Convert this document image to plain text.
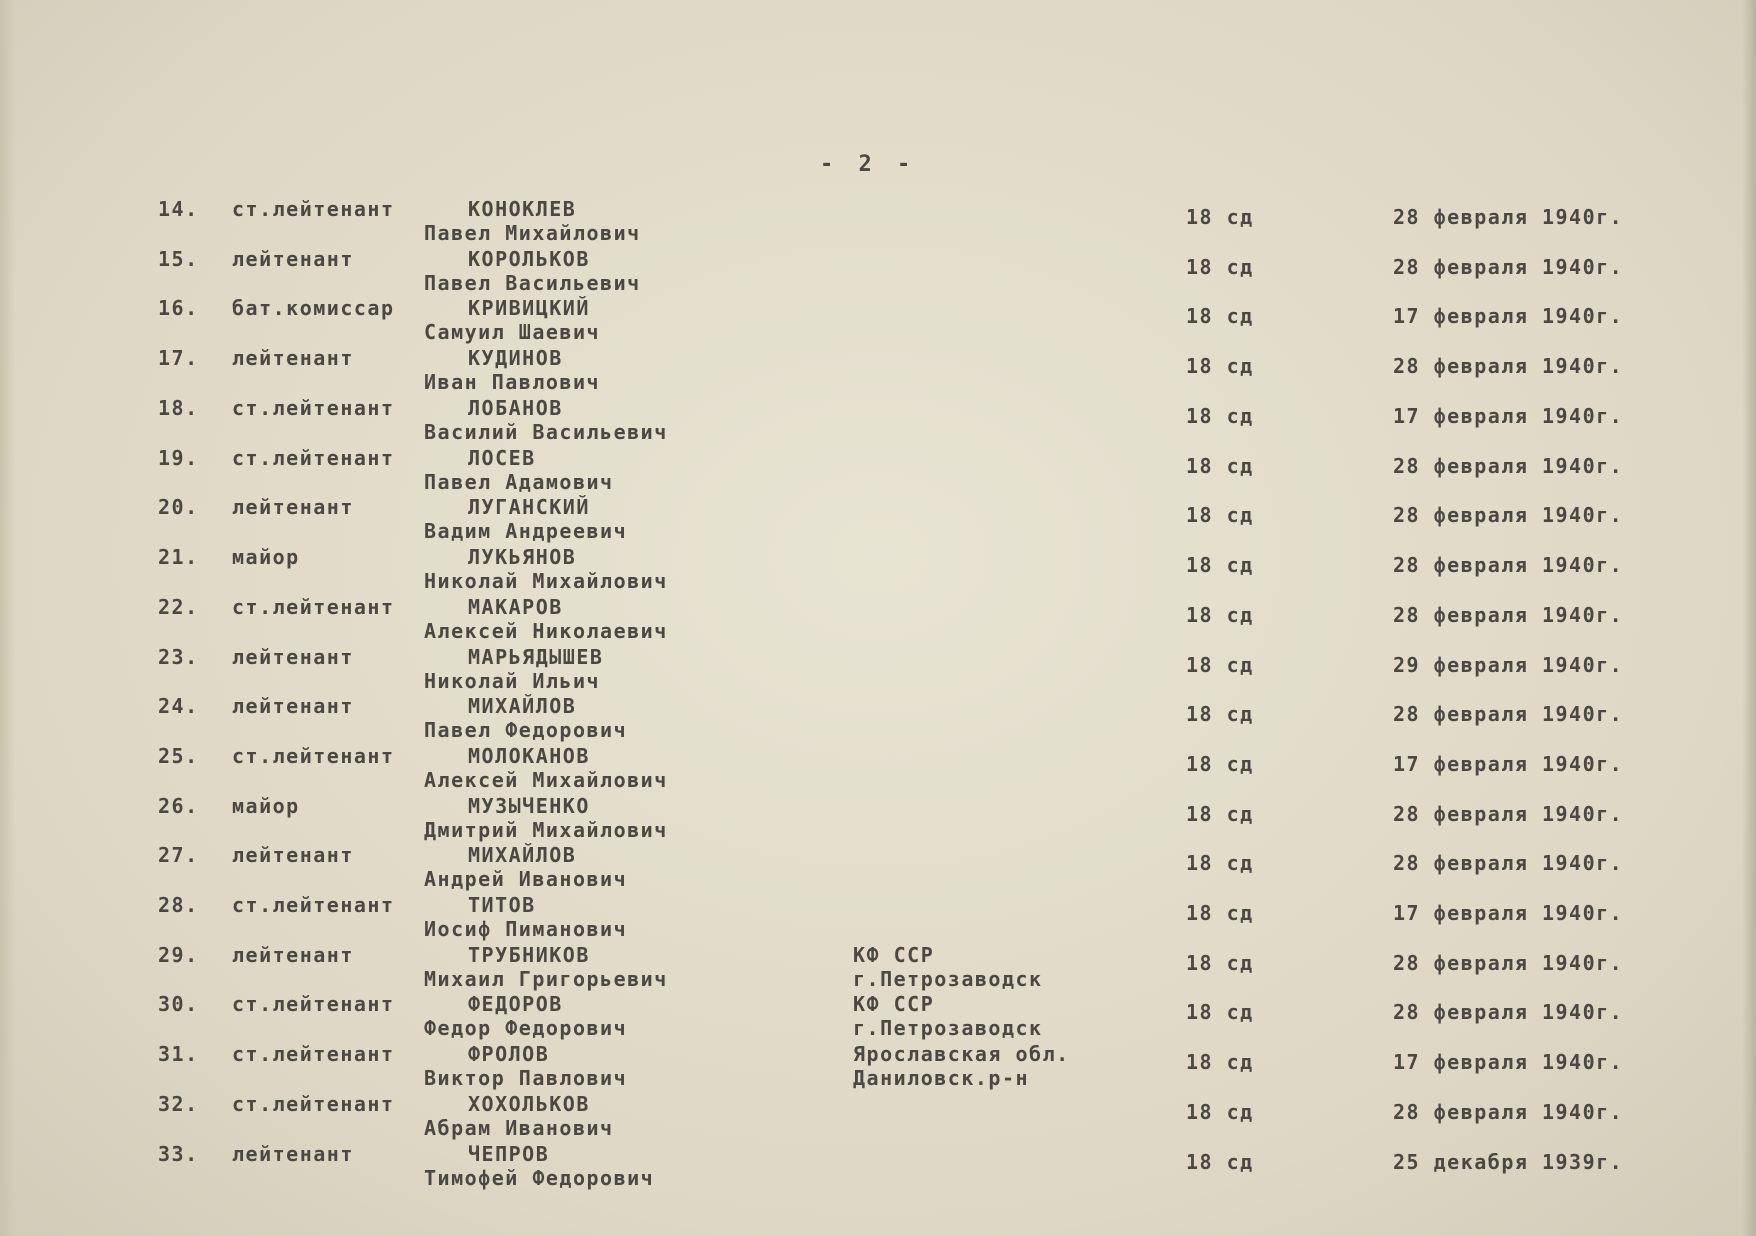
- 2 -
14. ст.лейтенант	КОНОКЛЕВ
Павел Михайлович
18 сд	28 февраля 1940г.
15. лейтенант	КОРОЛЬКОВ
Павел Васильевич
18 сд	28 февраля 1940г.
16. бат.комиссар	КРИВИЦКИЙ
Самуил Шаевич
18 сд	17 февраля 1940г.
17. лейтенант	КУДИНОВ
Иван Павлович
18 сд	28 февраля 1940г.
18. ст.лейтенант	ЛОБАНОВ
Василий Васильевич
18 сд	17 февраля 1940г.
19. ст.лейтенант	ЛОСЕВ
Павел Адамович
18 сд	28 февраля 1940г.
20. лейтенант	ЛУГАНСКИЙ
Вадим Андреевич
18 сд	28 февраля 1940г.
21. майор	ЛУКЬЯНОВ
Николай Михайлович
18 сд	28 февраля 1940г.
22. ст.лейтенант	МАКАРОВ
Алексей Николаевич
18 сд	28 февраля 1940г.
23. лейтенант	МАРЬЯДЫШЕВ
Николай Ильич
18 сд	29 февраля 1940г.
24. лейтенант	МИХАЙЛОВ
Павел Федорович
18 сд	28 февраля 1940г.
25. ст.лейтенант	МОЛОКАНОВ
Алексей Михайлович
18 сд	17 февраля 1940г.
26. майор	МУЗЫЧЕНКО
Дмитрий Михайлович
18 сд	28 февраля 1940г.
27. лейтенант	МИХАЙЛОВ
Андрей Иванович
18 сд	28 февраля 1940г.
28. ст.лейтенант	ТИТОВ
Иосиф Пиманович
18 сд	17 февраля 1940г.
29. лейтенант	ТРУБНИКОВ
Михаил Григорьевич
КФ ССР
г.Петрозаводск
18 сд	28 февраля 1940г.
30. ст.лейтенант	ФЕДОРОВ
Федор Федорович
КФ ССР
г.Петрозаводск
18 сд	28 февраля 1940г.
31. ст.лейтенант	ФРОЛОВ
Виктор Павлович
Ярославская обл.
Даниловск.р-н
18 сд	17 февраля 1940г.
32. ст.лейтенант	ХОХОЛЬКОВ
Абрам Иванович
18 сд	28 февраля 1940г.
33. лейтенант	ЧЕПРОВ
Тимофей Федорович
18 сд	25 декабря 1939г.
